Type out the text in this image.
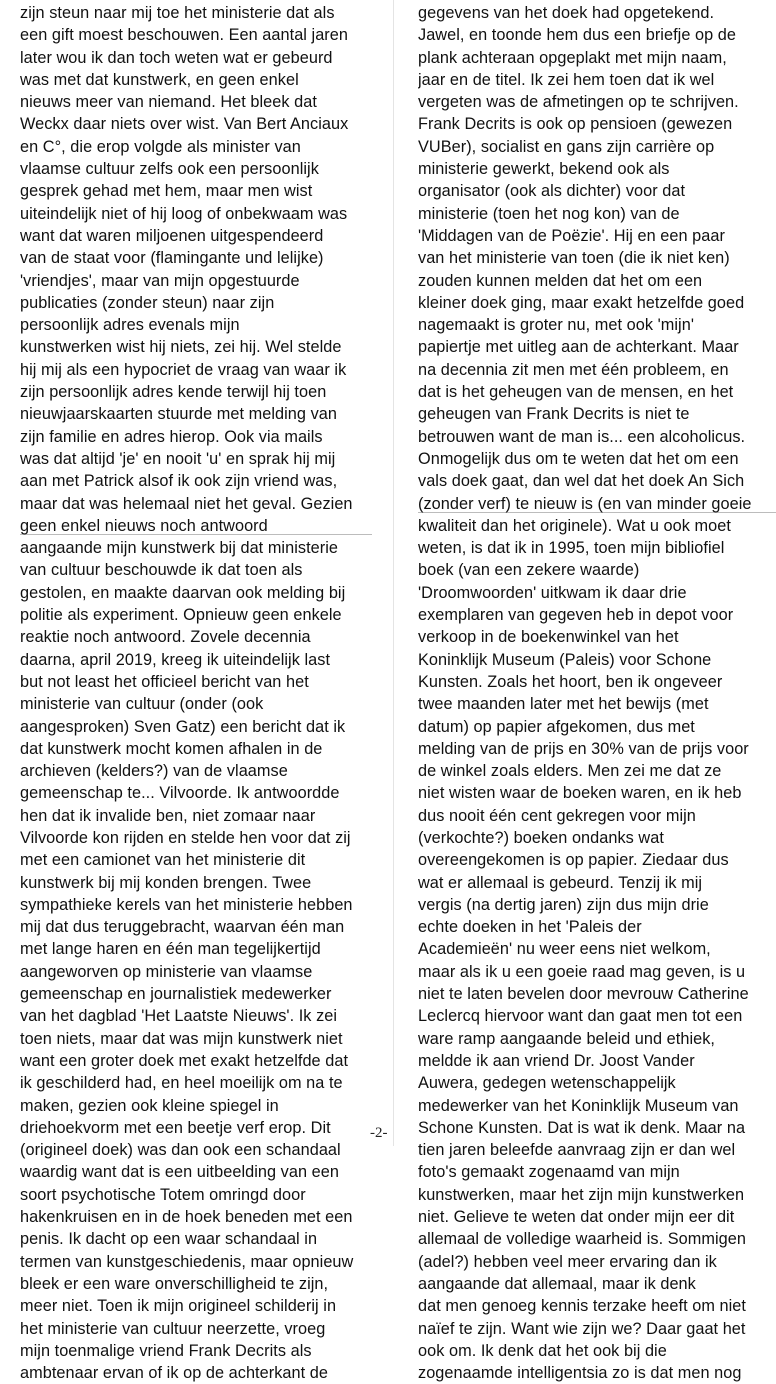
zijn steun naar mij toe het ministerie dat als
een gift moest beschouwen. Een aantal jaren
later wou ik dan toch weten wat er gebeurd
was met dat kunstwerk, en geen enkel
nieuws meer van niemand. Het bleek dat
Weckx daar niets over wist. Van Bert Anciaux
en C°, die erop volgde als minister van
vlaamse cultuur zelfs ook een persoonlijk
gesprek gehad met hem, maar men wist
uiteindelijk niet of hij loog of onbekwaam was
want dat waren miljoenen uitgespendeerd
van de staat voor (flamingante und lelijke)
'vriendjes', maar van mijn opgestuurde
publicaties (zonder steun) naar zijn
persoonlijk adres evenals mijn
kunstwerken wist hij niets, zei hij. Wel stelde
hij mij als een hypocriet de vraag van waar ik
zijn persoonlijk adres kende terwijl hij toen
nieuwjaarskaarten stuurde met melding van
zijn familie en adres hierop. Ook via mails
was dat altijd 'je' en nooit 'u' en sprak hij mij
aan met Patrick alsof ik ook zijn vriend was,
maar dat was helemaal niet het geval. Gezien
geen enkel nieuws noch antwoord
aangaande mijn kunstwerk bij dat ministerie
van cultuur beschouwde ik dat toen als
gestolen, en maakte daarvan ook melding bij
politie als experiment. Opnieuw geen enkele
reaktie noch antwoord. Zovele decennia
daarna, april 2019, kreeg ik uiteindelijk last
but not least het officieel bericht van het
ministerie van cultuur (onder (ook
aangesproken) Sven Gatz) een bericht dat ik
dat kunstwerk mocht komen afhalen in de
archieven (kelders?) van de vlaamse
gemeenschap te... Vilvoorde. Ik antwoordde
hen dat ik invalide ben, niet zomaar naar
Vilvoorde kon rijden en stelde hen voor dat zij
met een camionet van het ministerie dit
kunstwerk bij mij konden brengen. Twee
sympathieke kerels van het ministerie hebben
mij dat dus teruggebracht, waarvan één man
met lange haren en één man tegelijkertijd
aangeworven op ministerie van vlaamse
gemeenschap en journalistiek medewerker
van het dagblad 'Het Laatste Nieuws'. Ik zei
toen niets, maar dat was mijn kunstwerk niet
want een groter doek met exakt hetzelfde dat
ik geschilderd had, en heel moeilijk om na te
maken, gezien ook kleine spiegel in
driehoekvorm met een beetje verf erop. Dit
(origineel doek) was dan ook een schandaal
waardig want dat is een uitbeelding van een
soort psychotische Totem omringd door
hakenkruisen en in de hoek beneden met een
penis. Ik dacht op een waar schandaal in
termen van kunstgeschiedenis, maar opnieuw
bleek er een ware onverschilligheid te zijn,
meer niet. Toen ik mijn origineel schilderij in
het ministerie van cultuur neerzette, vroeg
mijn toenmalige vriend Frank Decrits als
ambtenaar ervan of ik op de achterkant de
gegevens van het doek had opgetekend.
Jawel, en toonde hem dus een briefje op de
plank achteraan opgeplakt met mijn naam,
jaar en de titel. Ik zei hem toen dat ik wel
vergeten was de afmetingen op te schrijven.
Frank Decrits is ook op pensioen (gewezen
VUBer), socialist en gans zijn carrière op
ministerie gewerkt, bekend ook als
organisator (ook als dichter) voor dat
ministerie (toen het nog kon) van de
'Middagen van de Poëzie'. Hij en een paar
van het ministerie van toen (die ik niet ken)
zouden kunnen melden dat het om een
kleiner doek ging, maar exakt hetzelfde goed
nagemaakt is groter nu, met ook 'mijn'
papiertje met uitleg aan de achterkant. Maar
na decennia zit men met één probleem, en
dat is het geheugen van de mensen, en het
geheugen van Frank Decrits is niet te
betrouwen want de man is... een alcoholicus.
Onmogelijk dus om te weten dat het om een
vals doek gaat, dan wel dat het doek An Sich
(zonder verf) te nieuw is (en van minder goeie
kwaliteit dan het originele). Wat u ook moet
weten, is dat ik in 1995, toen mijn bibliofiel
boek (van een zekere waarde)
'Droomwoorden' uitkwam ik daar drie
exemplaren van gegeven heb in depot voor
verkoop in de boekenwinkel van het
Koninklijk Museum (Paleis) voor Schone
Kunsten. Zoals het hoort, ben ik ongeveer
twee maanden later met het bewijs (met
datum) op papier afgekomen, dus met
melding van de prijs en 30% van de prijs voor
de winkel zoals elders. Men zei me dat ze
niet wisten waar de boeken waren, en ik heb
dus nooit één cent gekregen voor mijn
(verkochte?) boeken ondanks wat
overeengekomen is op papier. Ziedaar dus
wat er allemaal is gebeurd. Tenzij ik mij
vergis (na dertig jaren) zijn dus mijn drie
echte doeken in het 'Paleis der
Academieën' nu weer eens niet welkom,
maar als ik u een goeie raad mag geven, is u
niet te laten bevelen door mevrouw Catherine
Leclercq hiervoor want dan gaat men tot een
ware ramp aangaande beleid und ethiek,
meldde ik aan vriend Dr. Joost Vander
Auwera, gedegen wetenschappelijk
medewerker van het Koninklijk Museum van
Schone Kunsten. Dat is wat ik denk. Maar na
tien jaren beleefde aanvraag zijn er dan wel
foto's gemaakt zogenaamd van mijn
kunstwerken, maar het zijn mijn kunstwerken
niet. Gelieve te weten dat onder mijn eer dit
allemaal de volledige waarheid is. Sommigen
(adel?) hebben veel meer ervaring dan ik
aangaande dat allemaal, maar ik denk
dat men genoeg kennis terzake heeft om niet
naïef te zijn. Want wie zijn we? Daar gaat het
ook om. Ik denk dat het ook bij die
zogenaamde intelligentsia zo is dat men nog
-2-
